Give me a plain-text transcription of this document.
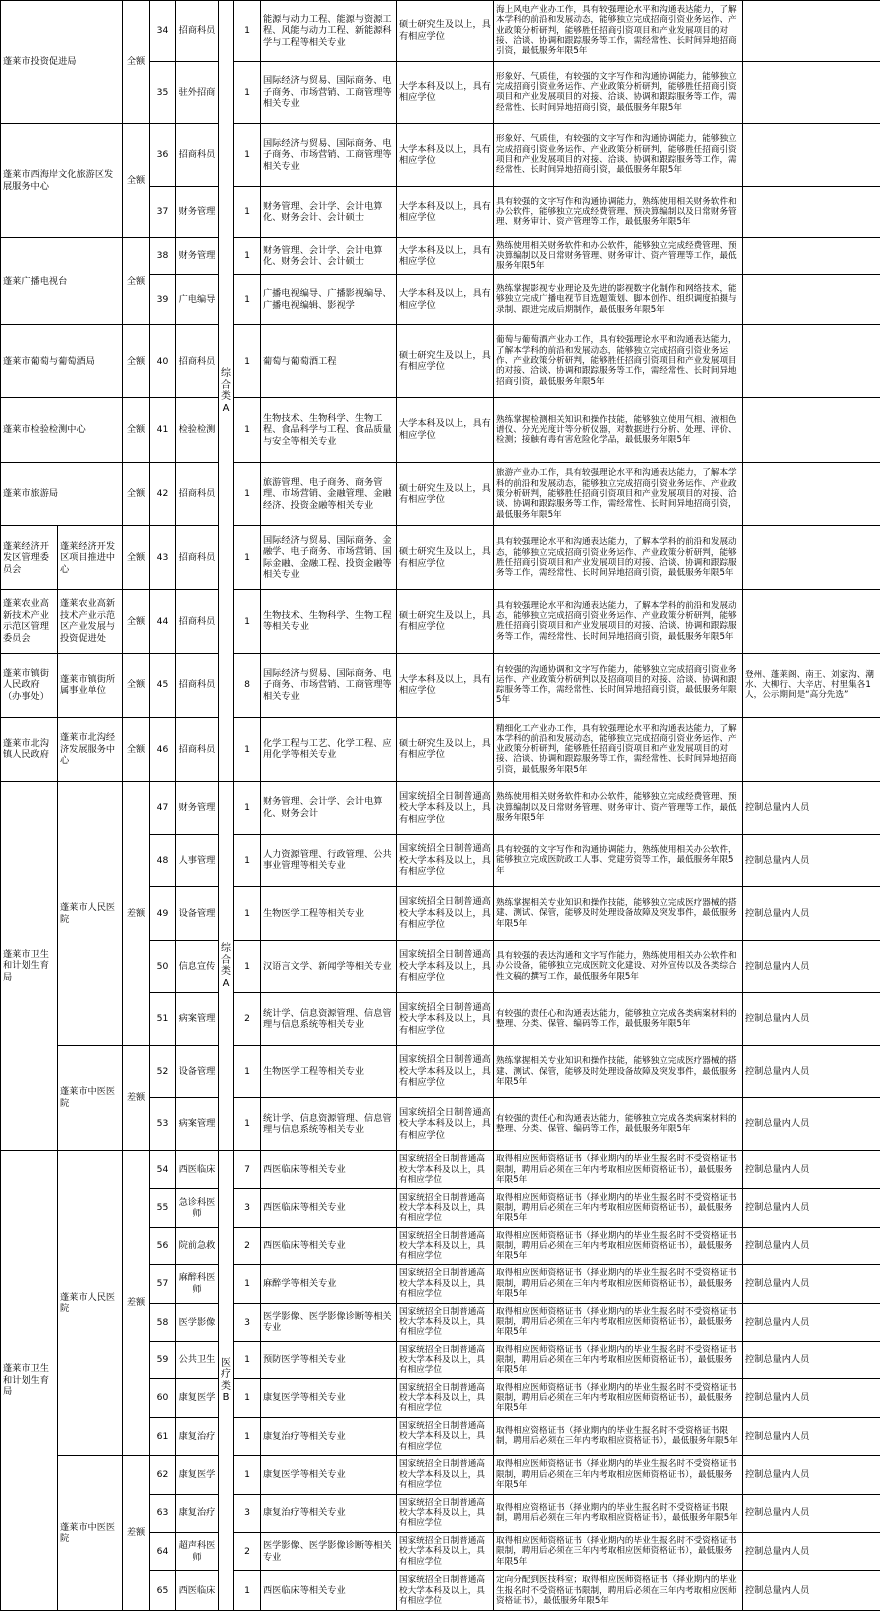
蓬莱市投资促进局		全额	34	招商科员	综合类A	1	能源与动力工程、能源与资源工程、风能与动力工程、新能源科学与工程等相关专业	硕士研究生及以上，具有相应学位	海上风电产业办工作，具有较强理论水平和沟通表达能力，了解本学科的前沿和发展动态，能够独立完成招商引资业务运作、产业政策分析研判，能够胜任招商引资项目和产业发展项目的对接、洽谈、协调和跟踪服务等工作，需经常性、长时间异地招商引资，最低服务年限5年	
			35	驻外招商		1	国际经济与贸易、国际商务、电子商务、市场营销、工商管理等相关专业	大学本科及以上，具有相应学位	形象好、气质佳，有较强的文字写作和沟通协调能力，能够独立完成招商引资业务运作、产业政策分析研判，能够胜任招商引资项目和产业发展项目的对接、洽谈、协调和跟踪服务等工作，需经常性、长时间异地招商引资，最低服务年限5年	
蓬莱市西海岸文化旅游区发展服务中心		全额	36	招商科员		1	国际经济与贸易、国际商务、电子商务、市场营销、工商管理等相关专业	大学本科及以上，具有相应学位	形象好、气质佳，有较强的文字写作和沟通协调能力，能够独立完成招商引资业务运作、产业政策分析研判，能够胜任招商引资项目和产业发展项目的对接、洽谈、协调和跟踪服务等工作，需经常性、长时间异地招商引资，最低服务年限5年	
			37	财务管理		1	财务管理、会计学、会计电算化、财务会计、会计硕士	大学本科及以上，具有相应学位	具有较强的文字写作和沟通协调能力，熟练使用相关财务软件和办公软件，能够独立完成经费管理、预决算编制以及日常财务管理、财务审计、资产管理等工作，最低服务年限5年	
蓬莱广播电视台		全额	38	财务管理		1	财务管理、会计学、会计电算化、财务会计、会计硕士	大学本科及以上，具有相应学位	熟练使用相关财务软件和办公软件，能够独立完成经费管理、预决算编制以及日常财务管理、财务审计、资产管理等工作，最低服务年限5年	
			39	广电编导		1	广播电视编导、广播影视编导、广播电视编辑、影视学	大学本科及以上，具有相应学位	熟练掌握影视专业理论及先进的影视数字化制作和网络技术，能够独立完成广播电视节目选题策划、脚本创作、组织调度拍摄与录制、跟进完成后期制作，最低服务年限5年	
蓬莱市葡萄与葡萄酒局		全额	40	招商科员		1	葡萄与葡萄酒工程	硕士研究生及以上，具有相应学位	葡萄与葡萄酒产业办工作，具有较强理论水平和沟通表达能力，了解本学科的前沿和发展动态，能够独立完成招商引资业务运作、产业政策分析研判，能够胜任招商引资项目和产业发展项目的对接、洽谈、协调和跟踪服务等工作，需经常性、长时间异地招商引资，最低服务年限5年	
蓬莱市检验检测中心		全额	41	检验检测		1	生物技术、生物科学、生物工程、食品科学与工程、食品质量与安全等相关专业	大学本科及以上，具有相应学位	熟练掌握检测相关知识和操作技能，能够独立使用气相、液相色谱仪、分光光度计等分析仪器，对数据进行分析、处理、评价、检测；接触有毒有害危险化学品，最低服务年限5年	
蓬莱市旅游局		全额	42	招商科员		1	旅游管理、电子商务、商务管理、市场营销、金融管理、金融经济、投资金融等相关专业	硕士研究生及以上，具有相应学位	旅游产业办工作，具有较强理论水平和沟通表达能力，了解本学科的前沿和发展动态，能够独立完成招商引资业务运作、产业政策分析研判，能够胜任招商引资项目和产业发展项目的对接、洽谈、协调和跟踪服务等工作，需经常性、长时间异地招商引资，最低服务年限5年	
蓬莱经济开发区管理委员会	蓬莱经济开发区项目推进中心	全额	43	招商科员		1	国际经济与贸易、国际商务、金融学、电子商务、市场营销、国际金融、金融工程、投资金融等相关专业	硕士研究生及以上，具有相应学位	具有较强理论水平和沟通表达能力，了解本学科的前沿和发展动态，能够独立完成招商引资业务运作、产业政策分析研判，能够胜任招商引资项目和产业发展项目的对接、洽谈、协调和跟踪服务等工作，需经常性、长时间异地招商引资，最低服务年限5年	
蓬莱农业高新技术产业示范区管理委员会	蓬莱农业高新技术产业示范区产业发展与投资促进处	全额	44	招商科员		1	生物技术、生物科学、生物工程等相关专业	硕士研究生及以上，具有相应学位	具有较强理论水平和沟通表达能力，了解本学科的前沿和发展动态，能够独立完成招商引资业务运作、产业政策分析研判，能够胜任招商引资项目和产业发展项目的对接、洽谈、协调和跟踪服务等工作，需经常性、长时间异地招商引资，最低服务年限5年	
蓬莱市镇街人民政府（办事处）	蓬莱市镇街所属事业单位	全额	45	招商科员		8	国际经济与贸易、国际商务、电子商务、市场营销、工商管理等相关专业	大学本科及以上，具有相应学位	有较强的沟通协调和文字写作能力，能够独立完成招商引资业务运作、产业政策分析研判以及招商项目的对接、洽谈、协调和跟踪服务等工作，需经常性、长时间异地招商引资，最低服务年限5年	登州、蓬莱阁、南王、刘家沟、潮水、大柳行、大辛店、村里集各1人，公示期间是“高分先选”
蓬莱市北沟镇人民政府	蓬莱市北沟经济发展服务中心	全额	46	招商科员		1	化学工程与工艺、化学工程、应用化学等相关专业	硕士研究生及以上，具有相应学位	精细化工产业办工作，具有较强理论水平和沟通表达能力，了解本学科的前沿和发展动态，能够独立完成招商引资业务运作、产业政策分析研判，能够胜任招商引资项目和产业发展项目的对接、洽谈、协调和跟踪服务等工作，需经常性、长时间异地招商引资，最低服务年限5年	
蓬莱市卫生和计划生育局	蓬莱市人民医院	差额	47	财务管理	综合类A	1	财务管理、会计学、会计电算化、财务会计	国家统招全日制普通高校大学本科及以上，具有相应学位	熟练使用相关财务软件和办公软件，能够独立完成经费管理、预决算编制以及日常财务管理、财务审计、资产管理等工作，最低服务年限5年	控制总量内人员
			48	人事管理		1	人力资源管理、行政管理、公共事业管理等相关专业	国家统招全日制普通高校大学本科及以上，具有相应学位	具有较强的文字写作和沟通协调能力，熟练使用相关办公软件，能够独立完成医院政工人事、党建劳资等工作，最低服务年限5年	控制总量内人员
			49	设备管理		1	生物医学工程等相关专业	国家统招全日制普通高校大学本科及以上，具有相应学位	熟练掌握相关专业知识和操作技能，能够独立完成医疗器械的搭建、测试、保管，能够及时处理设备故障及突发事件，最低服务年限5年	控制总量内人员
			50	信息宣传		1	汉语言文学、新闻学等相关专业	国家统招全日制普通高校大学本科及以上，具有相应学位	具有较强的表达沟通和文字写作能力，熟练使用相关办公软件和办公设备，能够独立完成医院文化建设、对外宣传以及各类综合性文稿的撰写工作，最低服务年限5年	控制总量内人员
			51	病案管理		2	统计学、信息资源管理、信息管理与信息系统等相关专业	国家统招全日制普通高校大学本科及以上，具有相应学位	有较强的责任心和沟通表达能力，能够独立完成各类病案材料的整理、分类、保管、编码等工作，最低服务年限5年	控制总量内人员
	蓬莱市中医医院	差额	52	设备管理		1	生物医学工程等相关专业	国家统招全日制普通高校大学本科及以上，具有相应学位	熟练掌握相关专业知识和操作技能，能够独立完成医疗器械的搭建、测试、保管，能够及时处理设备故障及突发事件，最低服务年限5年	控制总量内人员
			53	病案管理		1	统计学、信息资源管理、信息管理与信息系统等相关专业	国家统招全日制普通高校大学本科及以上，具有相应学位	有较强的责任心和沟通表达能力，能够独立完成各类病案材料的整理、分类、保管、编码等工作，最低服务年限5年	控制总量内人员
蓬莱市卫生和计划生育局	蓬莱市人民医院	差额	54	西医临床	医疗类B	7	西医临床等相关专业	国家统招全日制普通高校大学本科及以上，具有相应学位	取得相应医师资格证书（择业期内的毕业生报名时不受资格证书限制，聘用后必须在三年内考取相应医师资格证书），最低服务年限5年	控制总量内人员
			55	急诊科医师		3	西医临床等相关专业	国家统招全日制普通高校大学本科及以上，具有相应学位	取得相应医师资格证书（择业期内的毕业生报名时不受资格证书限制，聘用后必须在三年内考取相应医师资格证书），最低服务年限5年	控制总量内人员
			56	院前急救		2	西医临床等相关专业	国家统招全日制普通高校大学本科及以上，具有相应学位	取得相应医师资格证书（择业期内的毕业生报名时不受资格证书限制，聘用后必须在三年内考取相应医师资格证书），最低服务年限5年	控制总量内人员
			57	麻醉科医师		1	麻醉学等相关专业	国家统招全日制普通高校大学本科及以上，具有相应学位	取得相应医师资格证书（择业期内的毕业生报名时不受资格证书限制，聘用后必须在三年内考取相应医师资格证书），最低服务年限5年	控制总量内人员
			58	医学影像		3	医学影像、医学影像诊断等相关专业	国家统招全日制普通高校大学本科及以上，具有相应学位	取得相应医师资格证书（择业期内的毕业生报名时不受资格证书限制，聘用后必须在三年内考取相应医师资格证书），最低服务年限5年	控制总量内人员
			59	公共卫生		1	预防医学等相关专业	国家统招全日制普通高校大学本科及以上，具有相应学位	取得相应医师资格证书（择业期内的毕业生报名时不受资格证书限制，聘用后必须在三年内考取相应医师资格证书），最低服务年限5年	控制总量内人员
			60	康复医学		1	康复医学等相关专业	国家统招全日制普通高校大学本科及以上，具有相应学位	取得相应医师资格证书（择业期内的毕业生报名时不受资格证书限制，聘用后必须在三年内考取相应医师资格证书），最低服务年限5年	控制总量内人员
			61	康复治疗		1	康复治疗等相关专业	国家统招全日制普通高校大学本科及以上，具有相应学位	取得相应资格证书（择业期内的毕业生报名时不受资格证书限制，聘用后必须在三年内考取相应资格证书），最低服务年限5年	控制总量内人员
	蓬莱市中医医院	差额	62	康复医学		1	康复医学等相关专业	国家统招全日制普通高校大学本科及以上，具有相应学位	取得相应医师资格证书（择业期内的毕业生报名时不受资格证书限制，聘用后必须在三年内考取相应医师资格证书），最低服务年限5年	控制总量内人员
			63	康复治疗		3	康复治疗等相关专业	国家统招全日制普通高校大学本科及以上，具有相应学位	取得相应资格证书（择业期内的毕业生报名时不受资格证书限制，聘用后必须在三年内考取相应资格证书），最低服务年限5年	控制总量内人员
			64	超声科医师		2	医学影像、医学影像诊断等相关专业	国家统招全日制普通高校大学本科及以上，具有相应学位	取得相应医师资格证书（择业期内的毕业生报名时不受资格证书限制，聘用后必须在三年内考取相应医师资格证书），最低服务年限5年	控制总量内人员
			65	西医临床		1	西医临床等相关专业	国家统招全日制普通高校大学本科及以上，具有相应学位	定向分配到医技科室；取得相应医师资格证书（择业期内的毕业生报名时不受资格证书限制，聘用后必须在三年内考取相应医师资格证书），最低服务年限5年	控制总量内人员
